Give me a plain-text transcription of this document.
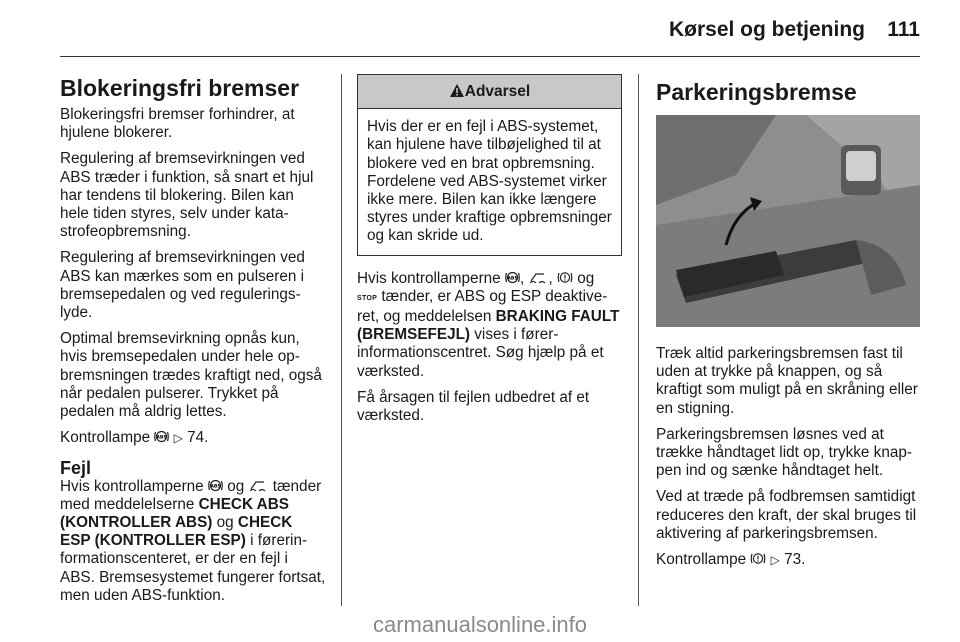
Kørsel og betjening 111
Blokeringsfri bremser

Blokeringsfri bremser forhindrer, at hjulene blokerer.

Regulering af bremsevirkningen ved ABS træder i funktion, så snart et hjul har tendens til blokering. Bilen kan hele tiden styres, selv under katastrofeopbremsning.

Regulering af bremsevirkningen ved ABS kan mærkes som en pulseren i bremsepedalen og ved reguleringslyde.

Optimal bremsevirkning opnås kun, hvis bremsepedalen under hele opbremsningen trædes kraftigt ned, også når pedalen pulserer. Trykket på pedalen må aldrig lettes.

Kontrollampe ABS ▷ 74.

Fejl

Hvis kontrollamperne ABS og tænder med meddelelserne CHECK ABS (KONTROLLER ABS) og CHECK ESP (KONTROLLER ESP) i førerinformationscenteret, er der en fejl i ABS. Bremsesystemet fungerer fortsat, men uden ABS-funktion.

Advarsel
Hvis der er en fejl i ABS-systemet, kan hjulene have tilbøjelighed til at blokere ved en brat opbremsning. Fordelene ved ABS-systemet virker ikke mere. Bilen kan ikke længere styres under kraftige opbremsninger og kan skride ud.

Hvis kontrollamperne ABS , ,  og
STOP tænder, er ABS og ESP deaktiveret, og meddelelsen BRAKING FAULT (BREMSEFEJL) vises i førerinformationscentret. Søg hjælp på et værksted.

Få årsagen til fejlen udbedret af et værksted.

Parkeringsbremse

Træk altid parkeringsbremsen fast til uden at trykke på knappen, og så kraftigt som muligt på en skråning eller en stigning.

Parkeringsbremsen løsnes ved at trække håndtaget lidt op, trykke knappen ind og sænke håndtaget helt.

Ved at træde på fodbremsen samtidigt reduceres den kraft, der skal bruges til aktivering af parkeringsbremsen.

Kontrollampe ▷ 73.

carmanualsonline.info
